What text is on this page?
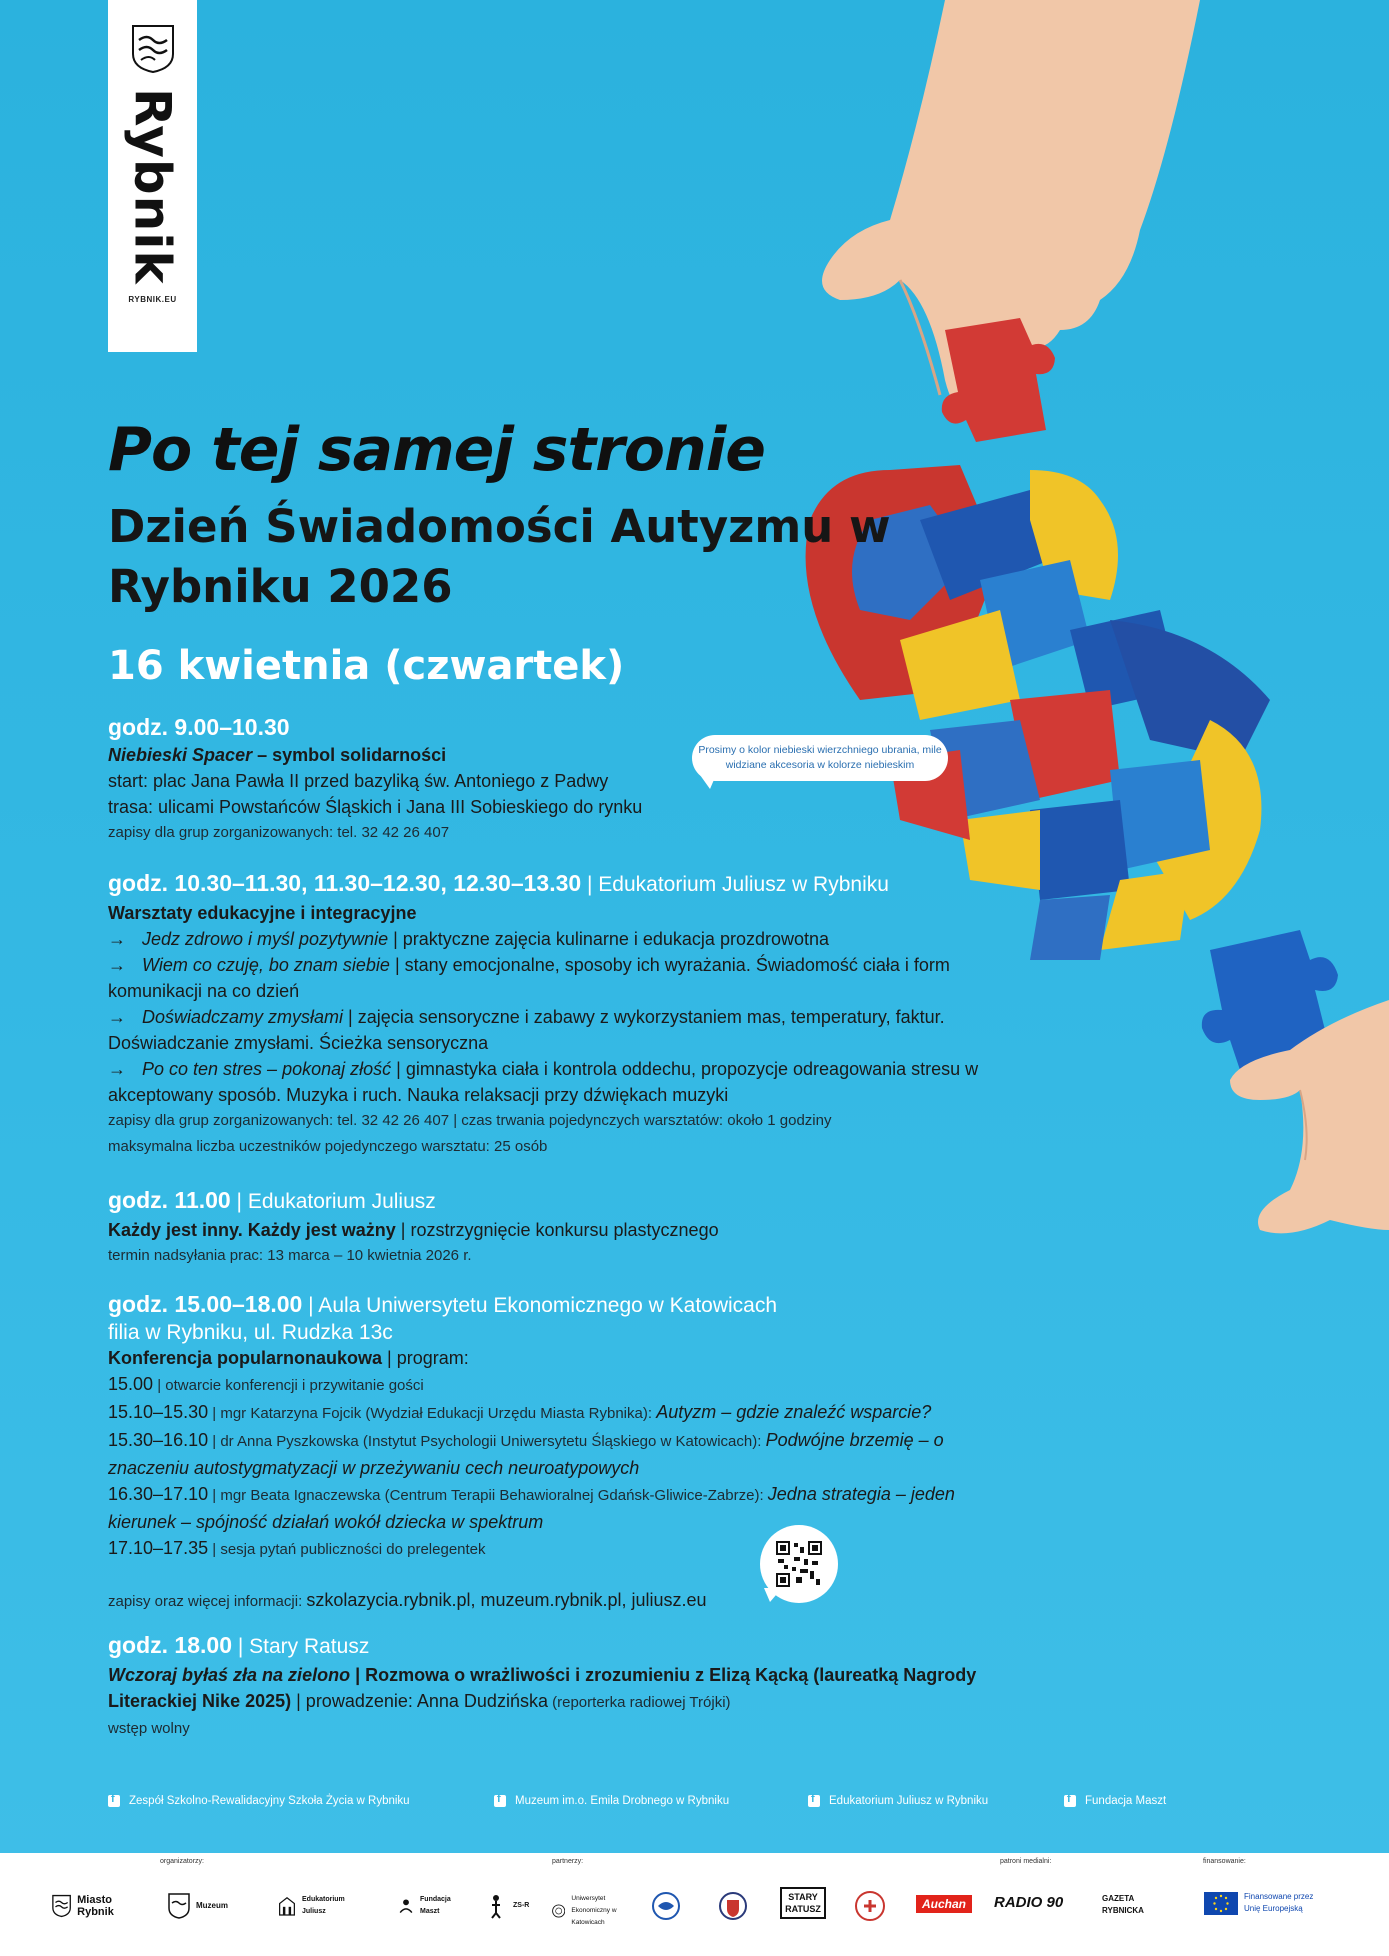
Rybnik
RYBNIK.EU
Po tej samej stronie
Dzień Świadomości Autyzmu w Rybniku 2026
16 kwietnia (czwartek)
Prosimy o kolor niebieski wierzchniego ubrania, mile widziane akcesoria w kolorze niebieskim
godz. 9.00–10.30
Niebieski Spacer – symbol solidarności
start: plac Jana Pawła II przed bazyliką św. Antoniego z Padwy
trasa: ulicami Powstańców Śląskich i Jana III Sobieskiego do rynku
zapisy dla grup zorganizowanych: tel. 32 42 26 407
godz. 10.30–11.30, 11.30–12.30, 12.30–13.30 | Edukatorium Juliusz w Rybniku
Warsztaty edukacyjne i integracyjne
→ Jedz zdrowo i myśl pozytywnie | praktyczne zajęcia kulinarne i edukacja prozdrowotna
→ Wiem co czuję, bo znam siebie | stany emocjonalne, sposoby ich wyrażania. Świadomość ciała i form komunikacji na co dzień
→ Doświadczamy zmysłami | zajęcia sensoryczne i zabawy z wykorzystaniem mas, temperatury, faktur. Doświadczanie zmysłami. Ścieżka sensoryczna
→ Po co ten stres – pokonaj złość | gimnastyka ciała i kontrola oddechu, propozycje odreagowania stresu w akceptowany sposób. Muzyka i ruch. Nauka relaksacji przy dźwiękach muzyki
zapisy dla grup zorganizowanych: tel. 32 42 26 407 | czas trwania pojedynczych warsztatów: około 1 godziny
maksymalna liczba uczestników pojedynczego warsztatu: 25 osób
godz. 11.00 | Edukatorium Juliusz
Każdy jest inny. Każdy jest ważny | rozstrzygnięcie konkursu plastycznego
termin nadsyłania prac: 13 marca – 10 kwietnia 2026 r.
godz. 15.00–18.00 | Aula Uniwersytetu Ekonomicznego w Katowicach
filia w Rybniku, ul. Rudzka 13c
Konferencja popularnonaukowa | program:
15.00 | otwarcie konferencji i przywitanie gości
15.10–15.30 | mgr Katarzyna Fojcik (Wydział Edukacji Urzędu Miasta Rybnika): Autyzm – gdzie znaleźć wsparcie?
15.30–16.10 | dr Anna Pyszkowska (Instytut Psychologii Uniwersytetu Śląskiego w Katowicach): Podwójne brzemię – o znaczeniu autostygmatyzacji w przeżywaniu cech neuroatypowych
16.30–17.10 | mgr Beata Ignaczewska (Centrum Terapii Behawioralnej Gdańsk-Gliwice-Zabrze): Jedna strategia – jeden kierunek – spójność działań wokół dziecka w spektrum
17.10–17.35 | sesja pytań publiczności do prelegentek
zapisy oraz więcej informacji: szkolazycia.rybnik.pl, muzeum.rybnik.pl, juliusz.eu
godz. 18.00 | Stary Ratusz
Wczoraj byłaś zła na zielono | Rozmowa o wrażliwości i zrozumieniu z Elizą Kącką (laureatką Nagrody Literackiej Nike 2025) | prowadzenie: Anna Dudzińska (reporterka radiowej Trójki)
wstęp wolny
f
Zespół Szkolno-Rewalidacyjny Szkoła Życia w Rybniku f	Muzeum im.o. Emila Drobnego w Rybniku f	Edukatorium Juliusz w Rybniku f	Fundacja Maszt
organizatorzy:	partnerzy:	patroni medialni:	finansowanie:
Miasto Rybnik
Muzeum
Edukatorium Juliusz
Fundacja Maszt
ZS-R
Uniwersytet Ekonomiczny w Katowicach
STARY RATUSZ	Auchan	RADIO 90	GAZETA RYBNICKA
Finansowane przez Unię Europejską
